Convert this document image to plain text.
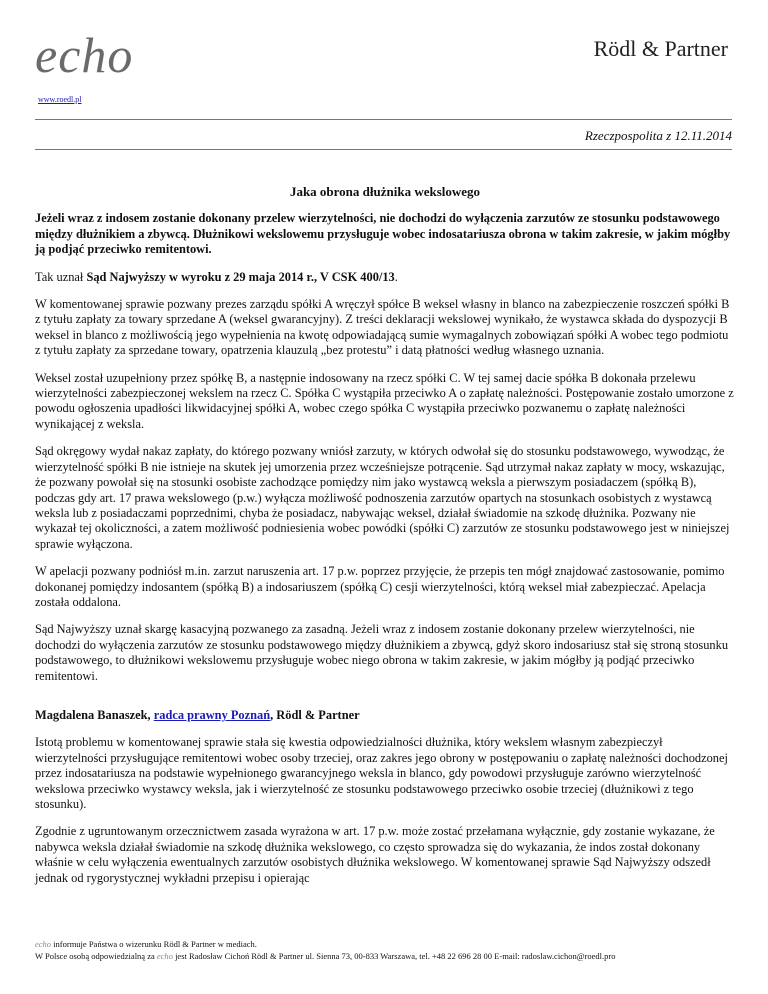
echo
www.roedl.pl
Rödl & Partner
Rzeczpospolita z 12.11.2014

Jaka obrona dłużnika wekslowego

Jeżeli wraz z indosem zostanie dokonany przelew wierzytelności, nie dochodzi do wyłączenia zarzutów ze stosunku podstawowego między dłużnikiem a zbywcą. Dłużnikowi wekslowemu przysługuje wobec indosatariusza obrona w takim zakresie, w jakim mógłby ją podjąć przeciwko remitentowi.

Tak uznał Sąd Najwyższy w wyroku z 29 maja 2014 r., V CSK 400/13.

W komentowanej sprawie pozwany prezes zarządu spółki A wręczył spółce B weksel własny in blanco na zabezpieczenie roszczeń spółki B z tytułu zapłaty za towary sprzedane A (weksel gwarancyjny). Z treści deklaracji wekslowej wynikało, że wystawca składa do dyspozycji B weksel in blanco z możliwością jego wypełnienia na kwotę odpowiadającą sumie wymagalnych zobowiązań spółki A wobec tego podmiotu z tytułu zapłaty za sprzedane towary, opatrzenia klauzulą „bez protestu” i datą płatności według własnego uznania.

Weksel został uzupełniony przez spółkę B, a następnie indosowany na rzecz spółki C. W tej samej dacie spółka B dokonała przelewu wierzytelności zabezpieczonej wekslem na rzecz C. Spółka C wystąpiła przeciwko A o zapłatę należności. Postępowanie zostało umorzone z powodu ogłoszenia upadłości likwidacyjnej spółki A, wobec czego spółka C wystąpiła przeciwko pozwanemu o zapłatę należności wynikającej z weksla.

Sąd okręgowy wydał nakaz zapłaty, do którego pozwany wniósł zarzuty, w których odwołał się do stosunku podstawowego, wywodząc, że wierzytelność spółki B nie istnieje na skutek jej umorzenia przez wcześniejsze potrącenie. Sąd utrzymał nakaz zapłaty w mocy, wskazując, że pozwany powołał się na stosunki osobiste zachodzące pomiędzy nim jako wystawcą weksla a pierwszym posiadaczem (spółką B), podczas gdy art. 17 prawa wekslowego (p.w.) wyłącza możliwość podnoszenia zarzutów opartych na stosunkach osobistych z wystawcą weksla lub z posiadaczami poprzednimi, chyba że posiadacz, nabywając weksel, działał świadomie na szkodę dłużnika. Pozwany nie wykazał tej okoliczności, a zatem możliwość podniesienia wobec powódki (spółki C) zarzutów ze stosunku podstawowego jest w niniejszej sprawie wyłączona.

W apelacji pozwany podniósł m.in. zarzut naruszenia art. 17 p.w. poprzez przyjęcie, że przepis ten mógł znajdować zastosowanie, pomimo dokonanej pomiędzy indosantem (spółką B) a indosariuszem (spółką C) cesji wierzytelności, którą weksel miał zabezpieczać. Apelacja została oddalona.

Sąd Najwyższy uznał skargę kasacyjną pozwanego za zasadną. Jeżeli wraz z indosem zostanie dokonany przelew wierzytelności, nie dochodzi do wyłączenia zarzutów ze stosunku podstawowego między dłużnikiem a zbywcą, gdyż skoro indosariusz stał się stroną stosunku podstawowego, to dłużnikowi wekslowemu przysługuje wobec niego obrona w takim zakresie, w jakim mógłby ją podjąć przeciwko remitentowi.

Magdalena Banaszek, radca prawny Poznań, Rödl & Partner

Istotą problemu w komentowanej sprawie stała się kwestia odpowiedzialności dłużnika, który wekslem własnym zabezpieczył wierzytelności przysługujące remitentowi wobec osoby trzeciej, oraz zakres jego obrony w postępowaniu o zapłatę należności dochodzonej przez indosatariusza na podstawie wypełnionego gwarancyjnego weksla in blanco, gdy powodowi przysługuje zarówno wierzytelność wekslowa przeciwko wystawcy weksla, jak i wierzytelność ze stosunku podstawowego przeciwko osobie trzeciej (dłużnikowi z tego stosunku).

Zgodnie z ugruntowanym orzecznictwem zasada wyrażona w art. 17 p.w. może zostać przełamana wyłącznie, gdy zostanie wykazane, że nabywca weksla działał świadomie na szkodę dłużnika wekslowego, co często sprowadza się do wykazania, że indos został dokonany właśnie w celu wyłączenia ewentualnych zarzutów osobistych dłużnika wekslowego. W komentowanej sprawie Sąd Najwyższy odszedł jednak od rygorystycznej wykładni przepisu i opierając

echo informuje Państwa o wizerunku Rödl & Partner w mediach.
W Polsce osobą odpowiedzialną za echo jest Radosław Cichoń Rödl & Partner ul. Sienna 73, 00-833 Warszawa, tel. +48 22 696 28 00 E-mail: radoslaw.cichon@roedl.pro
